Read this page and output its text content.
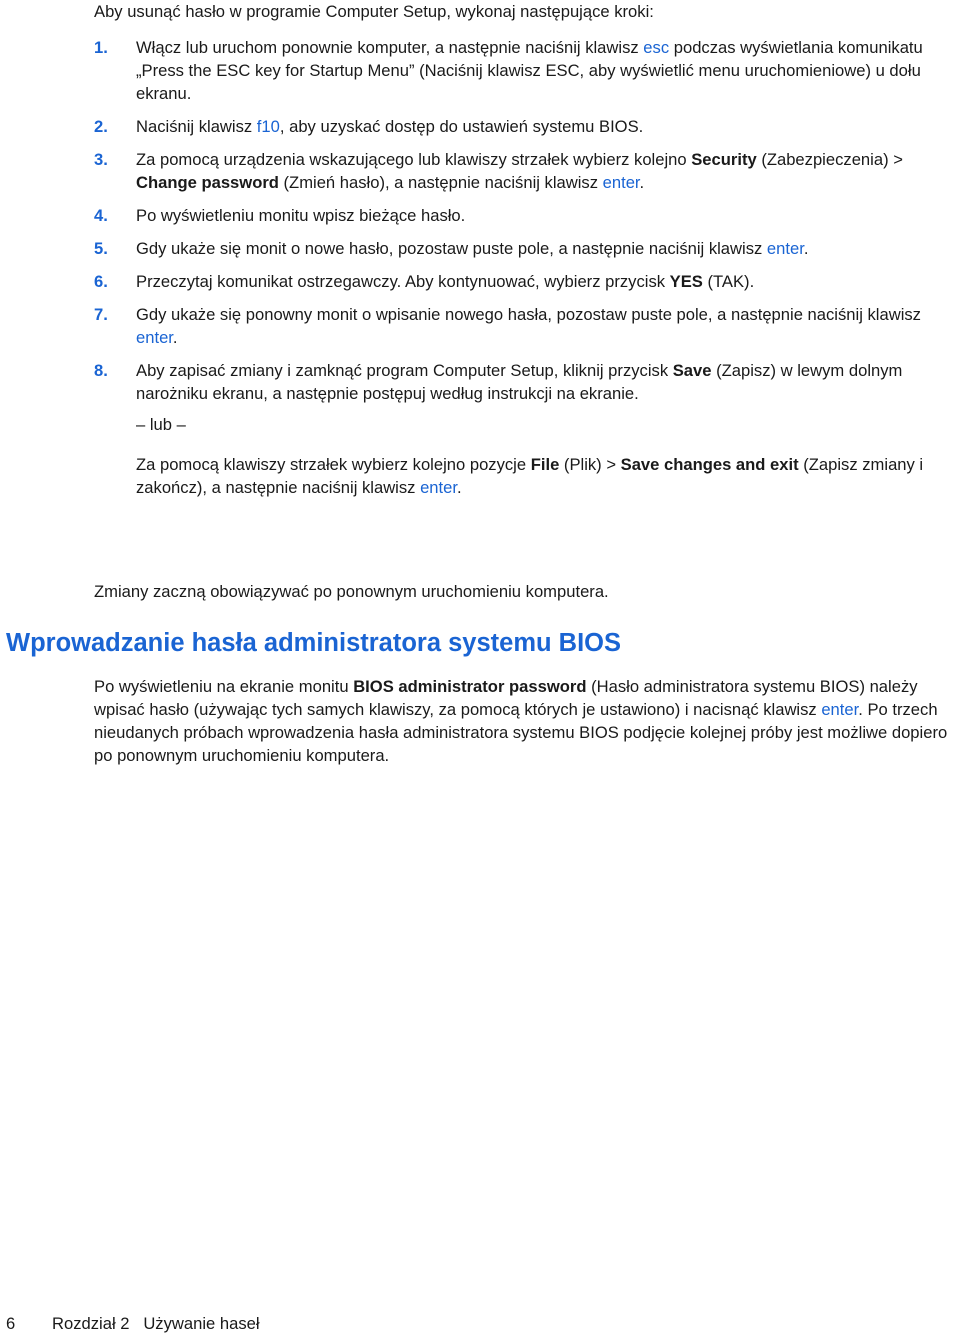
Aby usunąć hasło w programie Computer Setup, wykonaj następujące kroki:

1. Włącz lub uruchom ponownie komputer, a następnie naciśnij klawisz esc podczas wyświetlania komunikatu „Press the ESC key for Startup Menu” (Naciśnij klawisz ESC, aby wyświetlić menu uruchomieniowe) u dołu ekranu.
2. Naciśnij klawisz f10, aby uzyskać dostęp do ustawień systemu BIOS.
3. Za pomocą urządzenia wskazującego lub klawiszy strzałek wybierz kolejno Security (Zabezpieczenia) > Change password (Zmień hasło), a następnie naciśnij klawisz enter.
4. Po wyświetleniu monitu wpisz bieżące hasło.
5. Gdy ukaże się monit o nowe hasło, pozostaw puste pole, a następnie naciśnij klawisz enter.
6. Przeczytaj komunikat ostrzegawczy. Aby kontynuować, wybierz przycisk YES (TAK).
7. Gdy ukaże się ponowny monit o wpisanie nowego hasła, pozostaw puste pole, a następnie naciśnij klawisz enter.
8. Aby zapisać zmiany i zamknąć program Computer Setup, kliknij przycisk Save (Zapisz) w lewym dolnym narożniku ekranu, a następnie postępuj według instrukcji na ekranie.

– lub –

Za pomocą klawiszy strzałek wybierz kolejno pozycje File (Plik) > Save changes and exit (Zapisz zmiany i zakończ), a następnie naciśnij klawisz enter.

Zmiany zaczną obowiązywać po ponownym uruchomieniu komputera.

Wprowadzanie hasła administratora systemu BIOS

Po wyświetleniu na ekranie monitu BIOS administrator password (Hasło administratora systemu BIOS) należy wpisać hasło (używając tych samych klawiszy, za pomocą których je ustawiono) i nacisnąć klawisz enter. Po trzech nieudanych próbach wprowadzenia hasła administratora systemu BIOS podjęcie kolejnej próby jest możliwe dopiero po ponownym uruchomieniu komputera.

6 Rozdział 2 Używanie haseł
